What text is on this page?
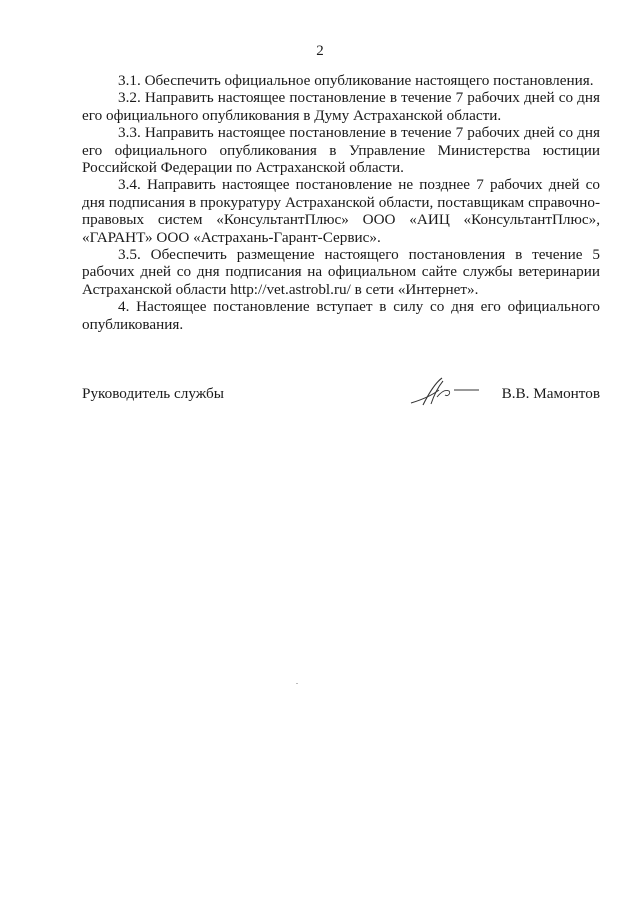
2

3.1. Обеспечить официальное опубликование настоящего постановления.

3.2. Направить настоящее постановление в течение 7 рабочих дней со дня его официального опубликования в Думу Астраханской области.

3.3. Направить настоящее постановление в течение 7 рабочих дней со дня его официального опубликования в Управление Министерства юстиции Российской Федерации по Астраханской области.

3.4. Направить настоящее постановление не позднее 7 рабочих дней со дня подписания в прокуратуру Астраханской области, поставщикам справочно-правовых систем «КонсультантПлюс» ООО «АИЦ «КонсультантПлюс», «ГАРАНТ» ООО «Астрахань-Гарант-Сервис».

3.5. Обеспечить размещение настоящего постановления в течение 5 рабочих дней со дня подписания на официальном сайте службы ветеринарии Астраханской области http://vet.astrobl.ru/ в сети «Интернет».

4. Настоящее постановление вступает в силу со дня его официального опубликования.

Руководитель службы	В.В. Мамонтов
